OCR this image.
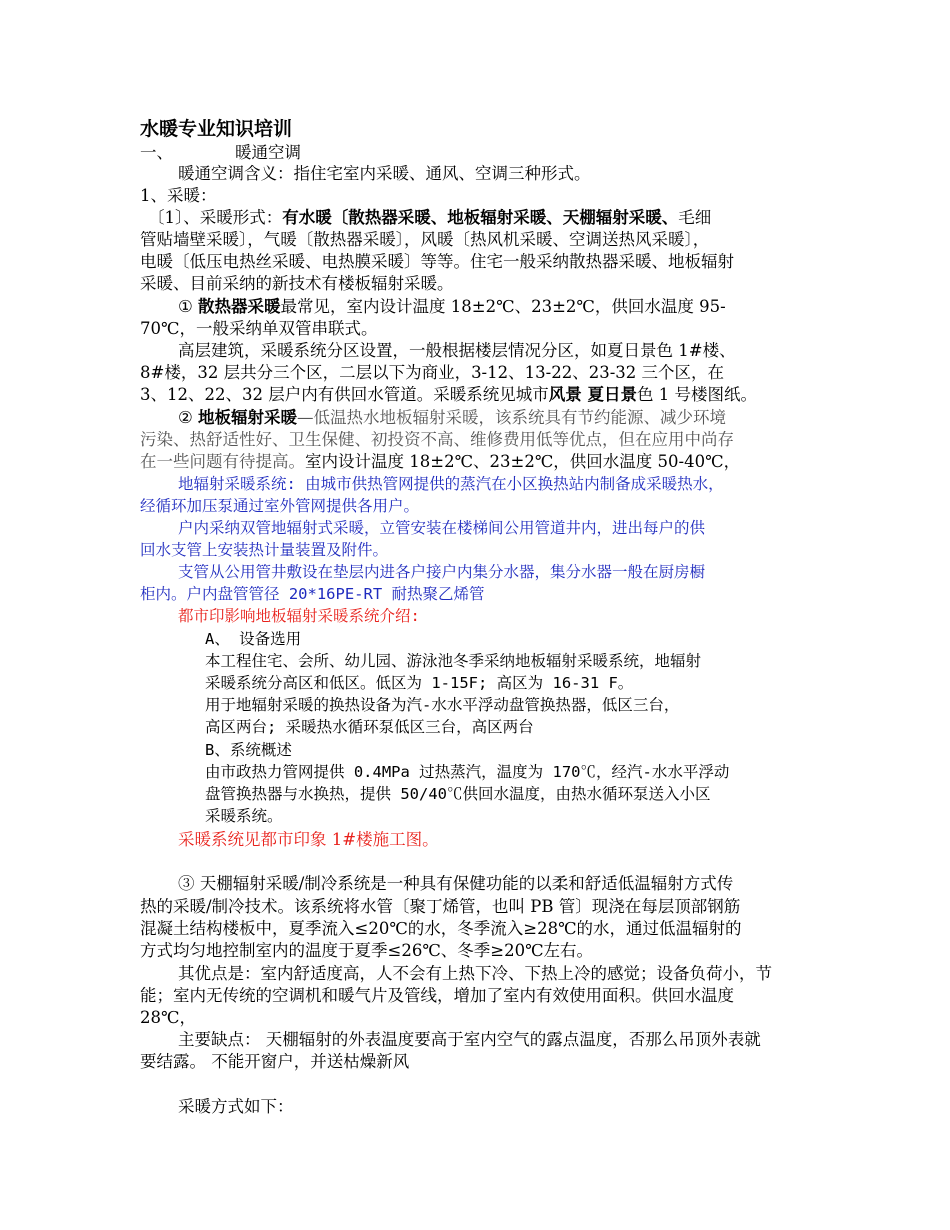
水暖专业知识培训
一、	暖通空调
暖通空调含义：指住宅室内采暖、通风、空调三种形式。
1、采暖：
〔1〕、采暖形式：有水暖〔散热器采暖、地板辐射采暖、天棚辐射采暖、毛细
管贴墙壁采暖〕，气暖〔散热器采暖〕，风暖〔热风机采暖、空调送热风采暖〕，
电暖〔低压电热丝采暖、电热膜采暖〕等等。住宅一般采纳散热器采暖、地板辐射
采暖、目前采纳的新技术有楼板辐射采暖。
① 散热器采暖最常见，室内设计温度 18±2℃、23±2℃，供回水温度 95-
70℃，一般采纳单双管串联式。
高层建筑，采暖系统分区设置，一般根据楼层情况分区，如夏日景色 1#楼、
8#楼，32 层共分三个区，二层以下为商业，3-12、13-22、23-32 三个区，在
3、12、22、32 层户内有供回水管道。采暖系统见城市风景 夏日景色 1 号楼图纸。
② 地板辐射采暖—低温热水地板辐射采暖，该系统具有节约能源、减少环境
污染、热舒适性好、卫生保健、初投资不高、维修费用低等优点，但在应用中尚存
在一些问题有待提高。室内设计温度 18±2℃、23±2℃，供回水温度 50-40℃，
地辐射采暖系统: 由城市供热管网提供的蒸汽在小区换热站内制备成采暖热水，
经循环加压泵通过室外管网提供各用户。
户内采纳双管地辐射式采暖，立管安装在楼梯间公用管道井内，进出每户的供
回水支管上安装热计量装置及附件。
支管从公用管井敷设在垫层内进各户接户内集分水器，集分水器一般在厨房橱
柜内。户内盘管管径 20*16PE-RT 耐热聚乙烯管
都市印影响地板辐射采暖系统介绍:
A、 设备选用
本工程住宅、会所、幼儿园、游泳池冬季采纳地板辐射采暖系统，地辐射
采暖系统分高区和低区。低区为 1-15F; 高区为 16-31 F。
用于地辐射采暖的换热设备为汽-水水平浮动盘管换热器，低区三台，
高区两台; 采暖热水循环泵低区三台，高区两台
B、系统概述
由市政热力管网提供 0.4MPa 过热蒸汽，温度为 170℃，经汽-水水平浮动
盘管换热器与水换热，提供 50/40℃供回水温度，由热水循环泵送入小区
采暖系统。
采暖系统见都市印象 1#楼施工图。
③ 天棚辐射采暖/制冷系统是一种具有保健功能的以柔和舒适低温辐射方式传
热的采暖/制冷技术。该系统将水管〔聚丁烯管，也叫 PB 管〕现浇在每层顶部钢筋
混凝土结构楼板中，夏季流入≤20℃的水，冬季流入≥28℃的水，通过低温辐射的
方式均匀地控制室内的温度于夏季≤26℃、冬季≥20℃左右。
其优点是：室内舒适度高，人不会有上热下冷、下热上冷的感觉；设备负荷小，节
能；室内无传统的空调机和暖气片及管线，增加了室内有效使用面积。供回水温度
28℃，
主要缺点： 天棚辐射的外表温度要高于室内空气的露点温度，否那么吊顶外表就
要结露。 不能开窗户，并送枯燥新风
采暖方式如下：
